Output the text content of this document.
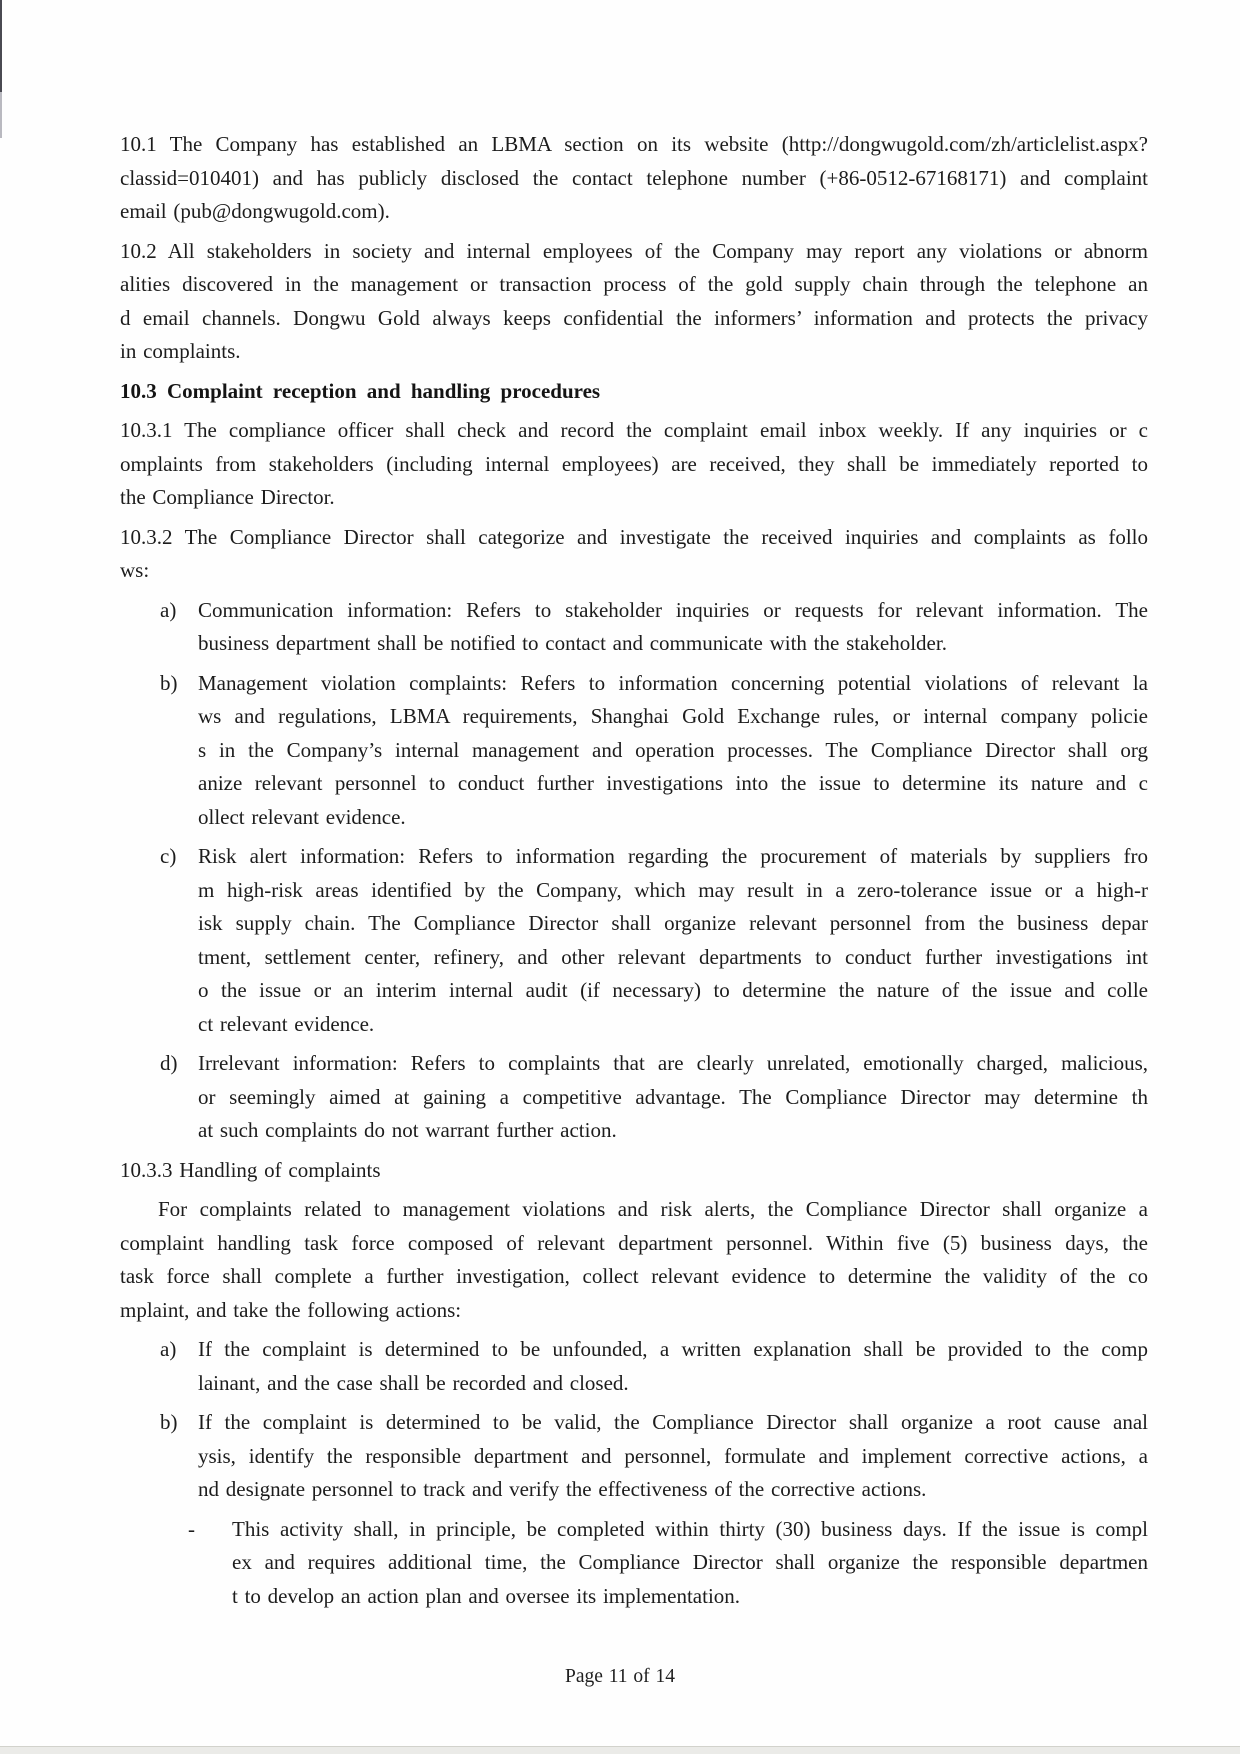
10.1 The Company has established an LBMA section on its website (http://dongwugold.com/zh/articlelist.aspx?
classid=010401) and has publicly disclosed the contact telephone number (+86-0512-67168171) and complaint
email (pub@dongwugold.com).
10.2 All stakeholders in society and internal employees of the Company may report any violations or abnorm
alities discovered in the management or transaction process of the gold supply chain through the telephone an
d email channels. Dongwu Gold always keeps confidential the informers’ information and protects the privacy
in complaints.
10.3 Complaint reception and handling procedures
10.3.1 The compliance officer shall check and record the complaint email inbox weekly. If any inquiries or c
omplaints from stakeholders (including internal employees) are received, they shall be immediately reported to
the Compliance Director.
10.3.2 The Compliance Director shall categorize and investigate the received inquiries and complaints as follo
ws:
a)	Communication information: Refers to stakeholder inquiries or requests for relevant information. The
business department shall be notified to contact and communicate with the stakeholder.
b) Management violation complaints: Refers to information concerning potential violations of relevant la
ws and regulations, LBMA requirements, Shanghai Gold Exchange rules, or internal company policie
s in the Company’s internal management and operation processes. The Compliance Director shall org
anize relevant personnel to conduct further investigations into the issue to determine its nature and c
ollect relevant evidence.
c)	Risk alert information: Refers to information regarding the procurement of materials by suppliers fro
m high-risk areas identified by the Company, which may result in a zero-tolerance issue or a high-r
isk supply chain. The Compliance Director shall organize relevant personnel from the business depar
tment, settlement center, refinery, and other relevant departments to conduct further investigations int
o the issue or an interim internal audit (if necessary) to determine the nature of the issue and colle
ct relevant evidence.
d) Irrelevant information: Refers to complaints that are clearly unrelated, emotionally charged, malicious,
or seemingly aimed at gaining a competitive advantage. The Compliance Director may determine th
at such complaints do not warrant further action.
10.3.3 Handling of complaints
For complaints related to management violations and risk alerts, the Compliance Director shall organize a
complaint handling task force composed of relevant department personnel. Within five (5) business days, the
task force shall complete a further investigation, collect relevant evidence to determine the validity of the co
mplaint, and take the following actions:
a)	If the complaint is determined to be unfounded, a written explanation shall be provided to the comp
lainant, and the case shall be recorded and closed.
b) If the complaint is determined to be valid, the Compliance Director shall organize a root cause anal
ysis, identify the responsible department and personnel, formulate and implement corrective actions, a
nd designate personnel to track and verify the effectiveness of the corrective actions.
-	This activity shall, in principle, be completed within thirty (30) business days. If the issue is compl
ex and requires additional time, the Compliance Director shall organize the responsible departmen
t to develop an action plan and oversee its implementation.
Page 11 of 14
